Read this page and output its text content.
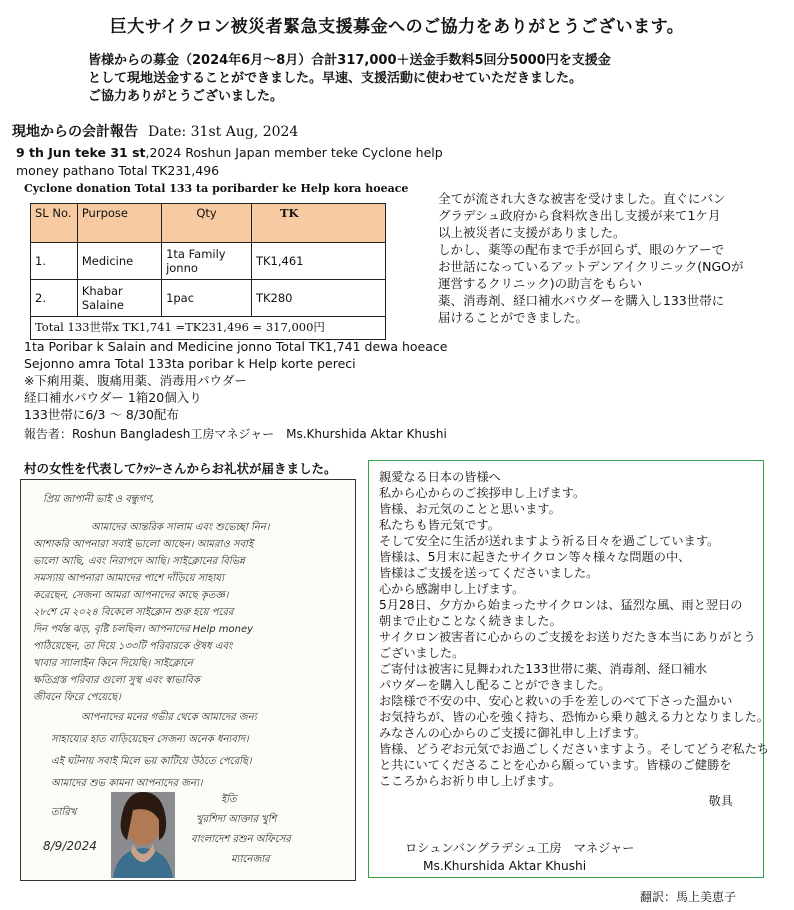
巨大サイクロン被災者緊急支援募金へのご協力をありがとうございます。
皆様からの募金（2024年6月～8月）合計317,000＋送金手数料5回分5000円を支援金
として現地送金することができました。早速、支援活動に使わせていただきました。
ご協力ありがとうございました。
現地からの会計報告 Date: 31st Aug, 2024
9 th Jun teke 31 st,2024 Roshun Japan member teke Cyclone help
money pathano Total TK231,496
Cyclone donation Total 133 ta poribarder ke Help kora hoeace
SL No.	Purpose	Qty	TK
1.	Medicine	1ta Family jonno	TK1,461
2.	Khabar Salaine	1pac	TK280
Total 133世帯x TK1,741 =TK231,496 = 317,000円			
全てが流され大きな被害を受けました。直ぐにバン
グラデシュ政府から食料炊き出し支援が来て1ケ月
以上被災者に支援がありました。
しかし、薬等の配布まで手が回らず、眼のケアーで
お世話になっているアットデンアイクリニック(NGOが
運営するクリニック)の助言をもらい
薬、消毒剤、経口補水パウダーを購入し133世帯に
届けることができました。
1ta Poribar k Salain and Medicine jonno Total TK1,741 dewa hoeace
Sejonno amra Total 133ta poribar k Help korte pereci
※下痢用薬、腹痛用薬、消毒用パウダー
経口補水パウダー 1箱20個入り
133世帯に6/3 ～ 8/30配布
報告者：Roshun Bangladesh工房マネジャー　Ms.Khurshida Aktar Khushi
村の女性を代表してｸｯｼｰさんからお礼状が届きました。
প্রিয় জাপানী ভাই ও বন্ধুগণ,
আমাদের আন্তরিক সালাম এবং শুভেচ্ছা নিন।
আশাকরি আপনারা সবাই ভালো আছেন। আমরাও সবাই
ভালো আছি, এবং নিরাপদে আছি। সাইক্লোনের বিভিন্ন
সমস্যায় আপনারা আমাদের পাশে দাঁড়িয়ে সাহায্য
করেছেন, সেজন্য আমরা আপনাদের কাছে কৃতজ্ঞ।
২৮শে মে ২০২৪ বিকেলে সাইক্লোন শুরু হয়ে পরের
দিন পর্যন্ত ঝড়, বৃষ্টি চলছিল। আপনাদের Help money
পাঠিয়েছেন, তা দিয়ে ১৩৩টি পরিবারকে ঔষধ এবং
খাবার স্যালাইন কিনে দিয়েছি। সাইক্লোনে
ক্ষতিগ্রস্ত পরিবার গুলো সুস্থ এবং স্বাভাবিক
জীবনে ফিরে পেয়েছে।
আপনাদের মনের গভীর থেকে আমাদের জন্য
সাহায্যের হাত বাড়িয়েছেন সেজন্য অনেক ধন্যবাদ।
এই ঘটনায় সবাই মিলে ভয় কাটিয়ে উঠতে পেরেছি।
আমাদের শুভ কামনা আপনাদের জন্য।
তারিখ
8/9/2024
ইতি
খুরশিদা আক্তার খুশি
বাংলাদেশ রশুন অফিসের
ম্যানেজার
親愛なる日本の皆様へ
私から心からのご挨拶申し上げます。
皆様、お元気のことと思います。
私たちも皆元気です。
そして安全に生活が送れますよう祈る日々を過ごしています。
皆様は、5月末に起きたサイクロン等々様々な問題の中、
皆様はご支援を送ってくださいました。
心から感謝申し上げます。
5月28日、夕方から始まったサイクロンは、猛烈な風、雨と翌日の
朝まで止むことなく続きました。
サイクロン被害者に心からのご支援をお送りだたき本当にありがとう
ございました。
ご寄付は被害に見舞われた133世帯に薬、消毒剤、経口補水
パウダーを購入し配ることができました。
お陰様で不安の中、安心と救いの手を差しのべて下さった温かい
お気持ちが、皆の心を強く持ち、恐怖から乗り越える力となりました。
みなさんの心からのご支援に御礼申し上げます。
皆様、どうぞお元気でお過ごしくださいますよう。そしてどうぞ私たち
と共にいてくださることを心から願っています。皆様のご健勝を
こころからお祈り申し上げます。
敬具
ロシュンバングラデシュ工房　マネジャー
Ms.Khurshida Aktar Khushi
翻訳：馬上美恵子
